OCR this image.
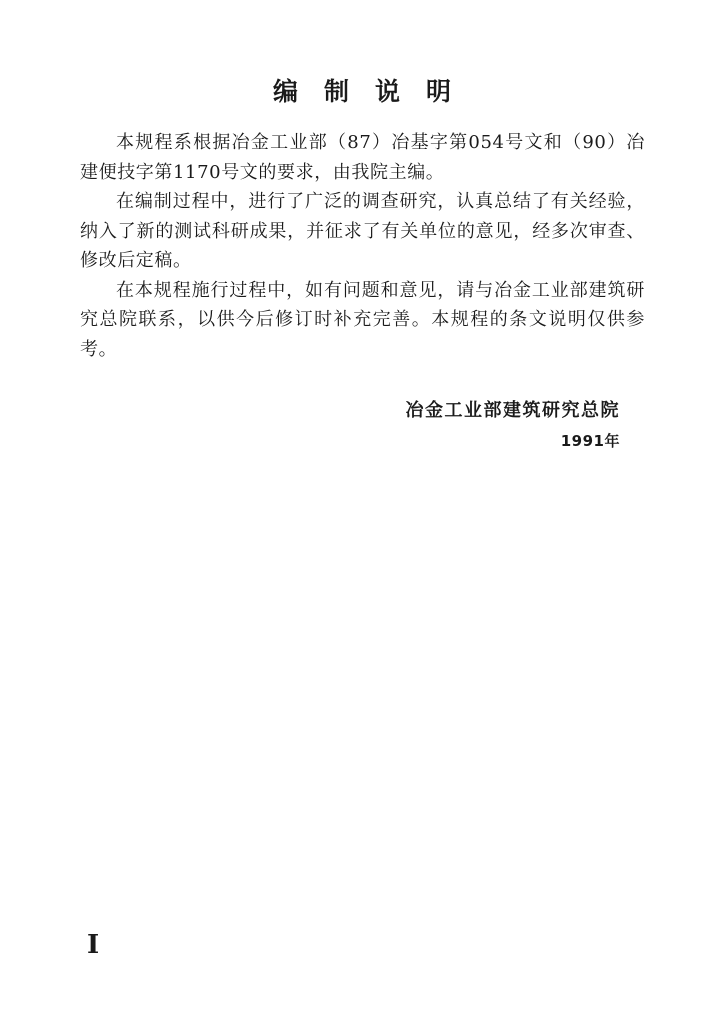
编制说明

本规程系根据冶金工业部（87）冶基字第054号文和（90）冶建便技字第1170号文的要求，由我院主编。

在编制过程中，进行了广泛的调查研究，认真总结了有关经验，纳入了新的测试科研成果，并征求了有关单位的意见，经多次审查、修改后定稿。

在本规程施行过程中，如有问题和意见，请与冶金工业部建筑研究总院联系，以供今后修订时补充完善。本规程的条文说明仅供参考。

冶金工业部建筑研究总院
1991年
I
